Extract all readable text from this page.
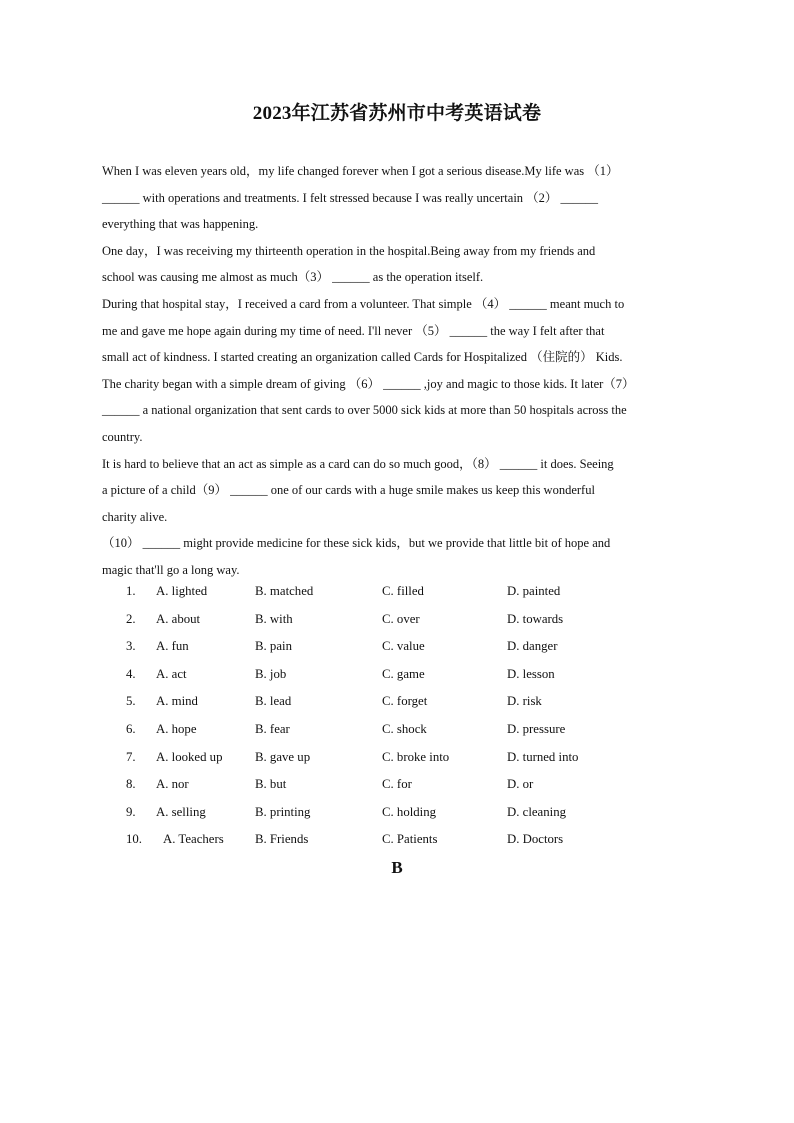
2023年江苏省苏州市中考英语试卷
When I was eleven years old，my life changed forever when I got a serious disease.My life was （1）
______ with operations and treatments. I felt stressed because I was really uncertain （2） ______
everything that was happening.
One day，I was receiving my thirteenth operation in the hospital.Being away from my friends and
school was causing me almost as much（3） ______ as the operation itself.
During that hospital stay，I received a card from a volunteer. That simple （4） ______ meant much to
me and gave me hope again during my time of need. I'll never （5） ______ the way I felt after that
small act of kindness. I started creating an organization called Cards for Hospitalized （住院的） Kids.
The charity began with a simple dream of giving （6） ______ ,joy and magic to those kids. It later（7）
______ a national organization that sent cards to over 5000 sick kids at more than 50 hospitals across the
country.
It is hard to believe that an act as simple as a card can do so much good，（8） ______ it does. Seeing
a picture of a child（9） ______ one of our cards with a huge smile makes us keep this wonderful
charity alive.
（10） ______ might provide medicine for these sick kids，but we provide that little bit of hope and
magic that'll go a long way.
1. A. lighted	B. matched	C. filled	D. painted
2. A. about	B. with	C. over	D. towards
3. A. fun	B. pain	C. value	D. danger
4. A. act	B. job	C. game	D. lesson
5. A. mind	B. lead	C. forget	D. risk
6. A. hope	B. fear	C. shock	D. pressure
7. A. looked up	B. gave up	C. broke into	D. turned into
8. A. nor	B. but	C. for	D. or
9. A. selling	B. printing	C. holding	D. cleaning
10. A. Teachers B. Friends	C. Patients	D. Doctors
B
